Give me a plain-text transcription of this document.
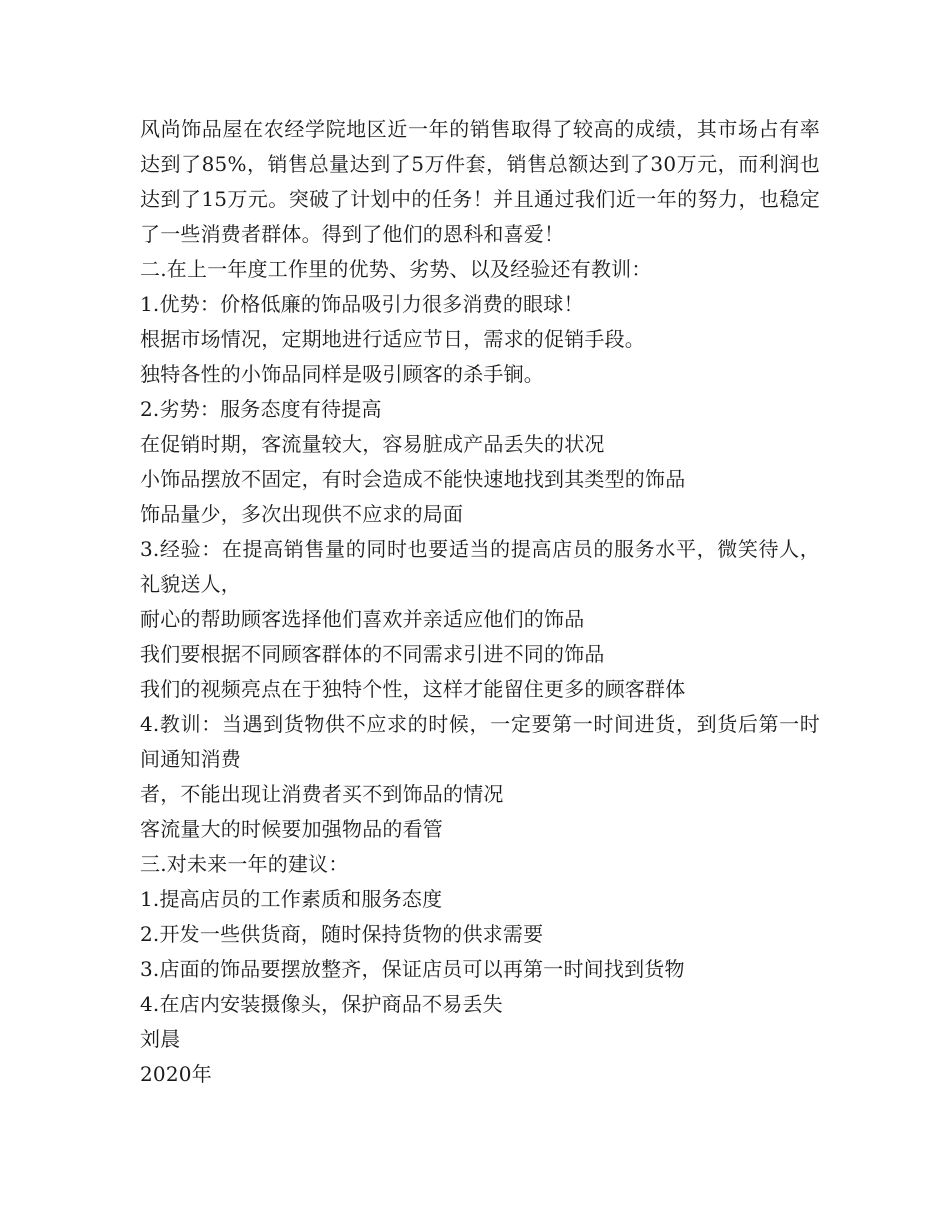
风尚饰品屋在农经学院地区近一年的销售取得了较高的成绩，其市场占有率达到了85%，销售总量达到了5万件套，销售总额达到了30万元，而利润也达到了15万元。突破了计划中的任务！并且通过我们近一年的努力，也稳定了一些消费者群体。得到了他们的恩科和喜爱！

二.在上一年度工作里的优势、劣势、以及经验还有教训：

1.优势：价格低廉的饰品吸引力很多消费的眼球！

根据市场情况，定期地进行适应节日，需求的促销手段。

独特各性的小饰品同样是吸引顾客的杀手锏。

2.劣势：服务态度有待提高

在促销时期，客流量较大，容易脏成产品丢失的状况

小饰品摆放不固定，有时会造成不能快速地找到其类型的饰品

饰品量少，多次出现供不应求的局面

3.经验：在提高销售量的同时也要适当的提高店员的服务水平，微笑待人，礼貌送人，

耐心的帮助顾客选择他们喜欢并亲适应他们的饰品

我们要根据不同顾客群体的不同需求引进不同的饰品

我们的视频亮点在于独特个性，这样才能留住更多的顾客群体

4.教训：当遇到货物供不应求的时候，一定要第一时间进货，到货后第一时间通知消费

者，不能出现让消费者买不到饰品的情况

客流量大的时候要加强物品的看管

三.对未来一年的建议：

1.提高店员的工作素质和服务态度

2.开发一些供货商，随时保持货物的供求需要

3.店面的饰品要摆放整齐，保证店员可以再第一时间找到货物

4.在店内安装摄像头，保护商品不易丢失

刘晨

2020年
